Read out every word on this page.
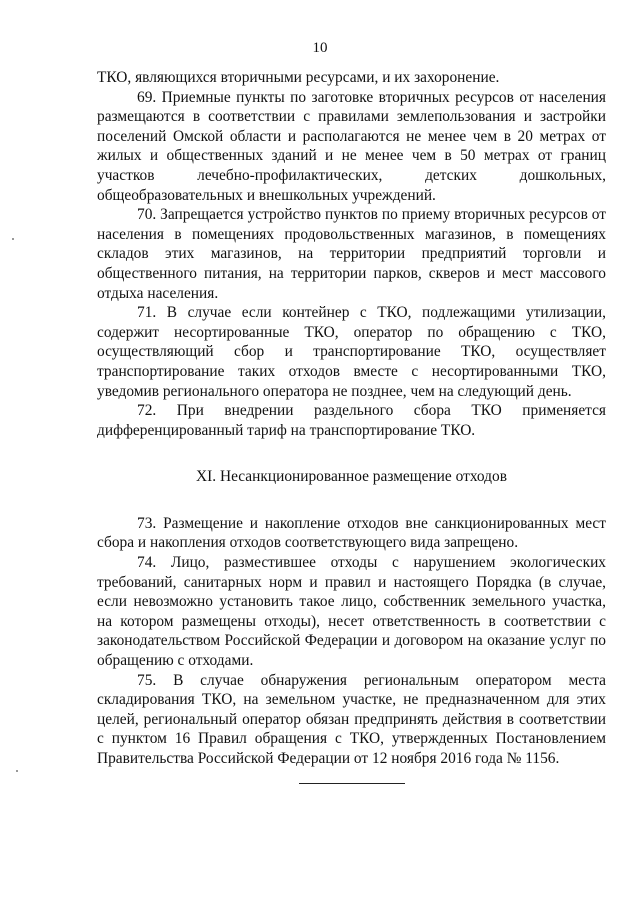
10

ТКО, являющихся вторичными ресурсами, и их захоронение.

69. Приемные пункты по заготовке вторичных ресурсов от населения размещаются в соответствии с правилами землепользования и застройки поселений Омской области и располагаются не менее чем в 20 метрах от жилых и общественных зданий и не менее чем в 50 метрах от границ участков лечебно-профилактических, детских дошкольных, общеобразовательных и внешкольных учреждений.

70. Запрещается устройство пунктов по приему вторичных ресурсов от населения в помещениях продовольственных магазинов, в помещениях складов этих магазинов, на территории предприятий торговли и общественного питания, на территории парков, скверов и мест массового отдыха населения.

71. В случае если контейнер с ТКО, подлежащими утилизации, содержит несортированные ТКО, оператор по обращению с ТКО, осуществляющий сбор и транспортирование ТКО, осуществляет транспортирование таких отходов вместе с несортированными ТКО, уведомив регионального оператора не позднее, чем на следующий день.

72. При внедрении раздельного сбора ТКО применяется дифференцированный тариф на транспортирование ТКО.

XI. Несанкционированное размещение отходов

73. Размещение и накопление отходов вне санкционированных мест сбора и накопления отходов соответствующего вида запрещено.

74. Лицо, разместившее отходы с нарушением экологических требований, санитарных норм и правил и настоящего Порядка (в случае, если невозможно установить такое лицо, собственник земельного участка, на котором размещены отходы), несет ответственность в соответствии с законодательством Российской Федерации и договором на оказание услуг по обращению с отходами.

75. В случае обнаружения региональным оператором места складирования ТКО, на земельном участке, не предназначенном для этих целей, региональный оператор обязан предпринять действия в соответствии с пунктом 16 Правил обращения с ТКО, утвержденных Постановлением Правительства Российской Федерации от 12 ноября 2016 года № 1156.
